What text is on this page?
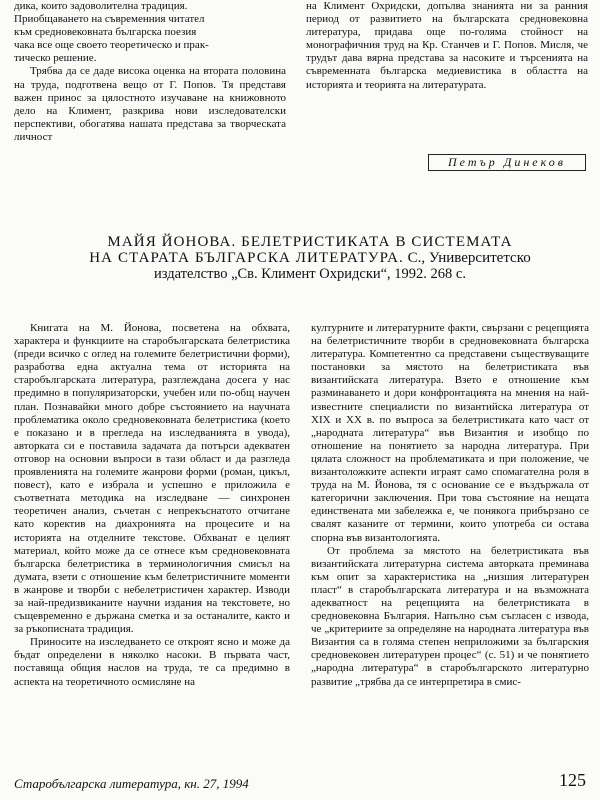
дика, които задоволителна традиция.
Приобщаването на съвременния читател
към средновековната българска поезия
чака все още своето теоретическо и прак-
тическо решение.

Трябва да се даде висока оценка на втората половина на труда, подготвена вещо от Г. Попов. Тя представя важен принос за цялостното изучаване на книжовното дело на Климент, разкрива нови изследователски перспективи, обогатява нашата представа за творческата личност

на Климент Охридски, допълва знанията ни за ранния период от развитието на българската средновековна литература, придава още по-голяма стойност на монографичния труд на Кр. Станчев и Г. Попов. Мисля, че трудът дава вярна представа за насоките и търсенията на съвременната българска медиевистика в областта на историята и теорията на литературата.

Петър Динеков
МАЙЯ ЙОНОВА. БЕЛЕТРИСТИКАТА В СИСТЕМАТА
НА СТАРАТА БЪЛГАРСКА ЛИТЕРАТУРА. С., Университетско
издателство „Св. Климент Охридски“, 1992. 268 с.

Книгата на М. Йонова, посветена на обхвата, характера и функциите на старобългарската белетристика (преди всичко с оглед на големите белетристични форми), разработва една актуална тема от историята на старобългарската литература, разглеждана досега у нас предимно в популяризаторски, учебен или по-общ научен план. Познавайки много добре състоянието на научната проблематика около средновековната белетристика (което е показано и в прегледа на изследванията в увода), авторката си е поставила задачата да потърси адекватен отговор на основни въпроси в тази област и да разгледа проявленията на големите жанрови форми (роман, цикъл, повест), като е избрала и успешно е приложила е съответната методика на изследване — синхронен теоретичен анализ, съчетан с непрекъснатото отчитане като коректив на диахронията на процесите и на историята на отделните текстове. Обхванат е целият материал, който може да се отнесе към средновековната българска белетристика в терминологичния смисъл на думата, взети с отношение към белетристичните моменти в жанрове и творби с небелетристичен характер. Изводи за най-предизвиканите научни издания на текстовете, но същевременно е държана сметка и за останалите, както и за ръкописната традиция.

Приносите на изследването се откроят ясно и може да бъдат определени в няколко насоки. В първата част, поставяща общия наслов на труда, те са предимно в аспекта на теоретичното осмисляне на

културните и литературните факти, свързани с рецепцията на белетристичните творби в средновековната българска литература. Компетентно са представени съществуващите постановки за мястото на белетристиката във византийската литература. Взето е отношение към разминаването и дори конфронтацията на мнения на най-известните специалисти по византийска литература от XIX и XX в. по въпроса за белетристиката като част от „народната литература“ във Византия и изобщо по отношение на понятието за народна литература. При цялата сложност на проблематиката и при положение, че византоложките аспекти играят само спомагателна роля в труда на М. Йонова, тя с основание се е въздържала от категорични заключения. При това състояние на нещата единствената ми забележка е, че понякога прибързано се свалят казаните от термини, които употреба си остава спорна във византологията.

От проблема за мястото на белетристиката във византийската литературна система авторката преминава към опит за характеристика на „низшия литературен пласт“ в старобългарската литература и на възможната адекватност на рецепцията на белетристиката в средновековна България. Напълно съм съгласен с извода, че „критериите за определяне на народната литература във Византия са в голяма степен неприложими за българския средновековен литературен процес“ (с. 51) и че понятието „народна литература“ в старобългарското литературно развитие „трябва да се интерпретира в смис-

Старобългарска литература, кн. 27, 1994	125
